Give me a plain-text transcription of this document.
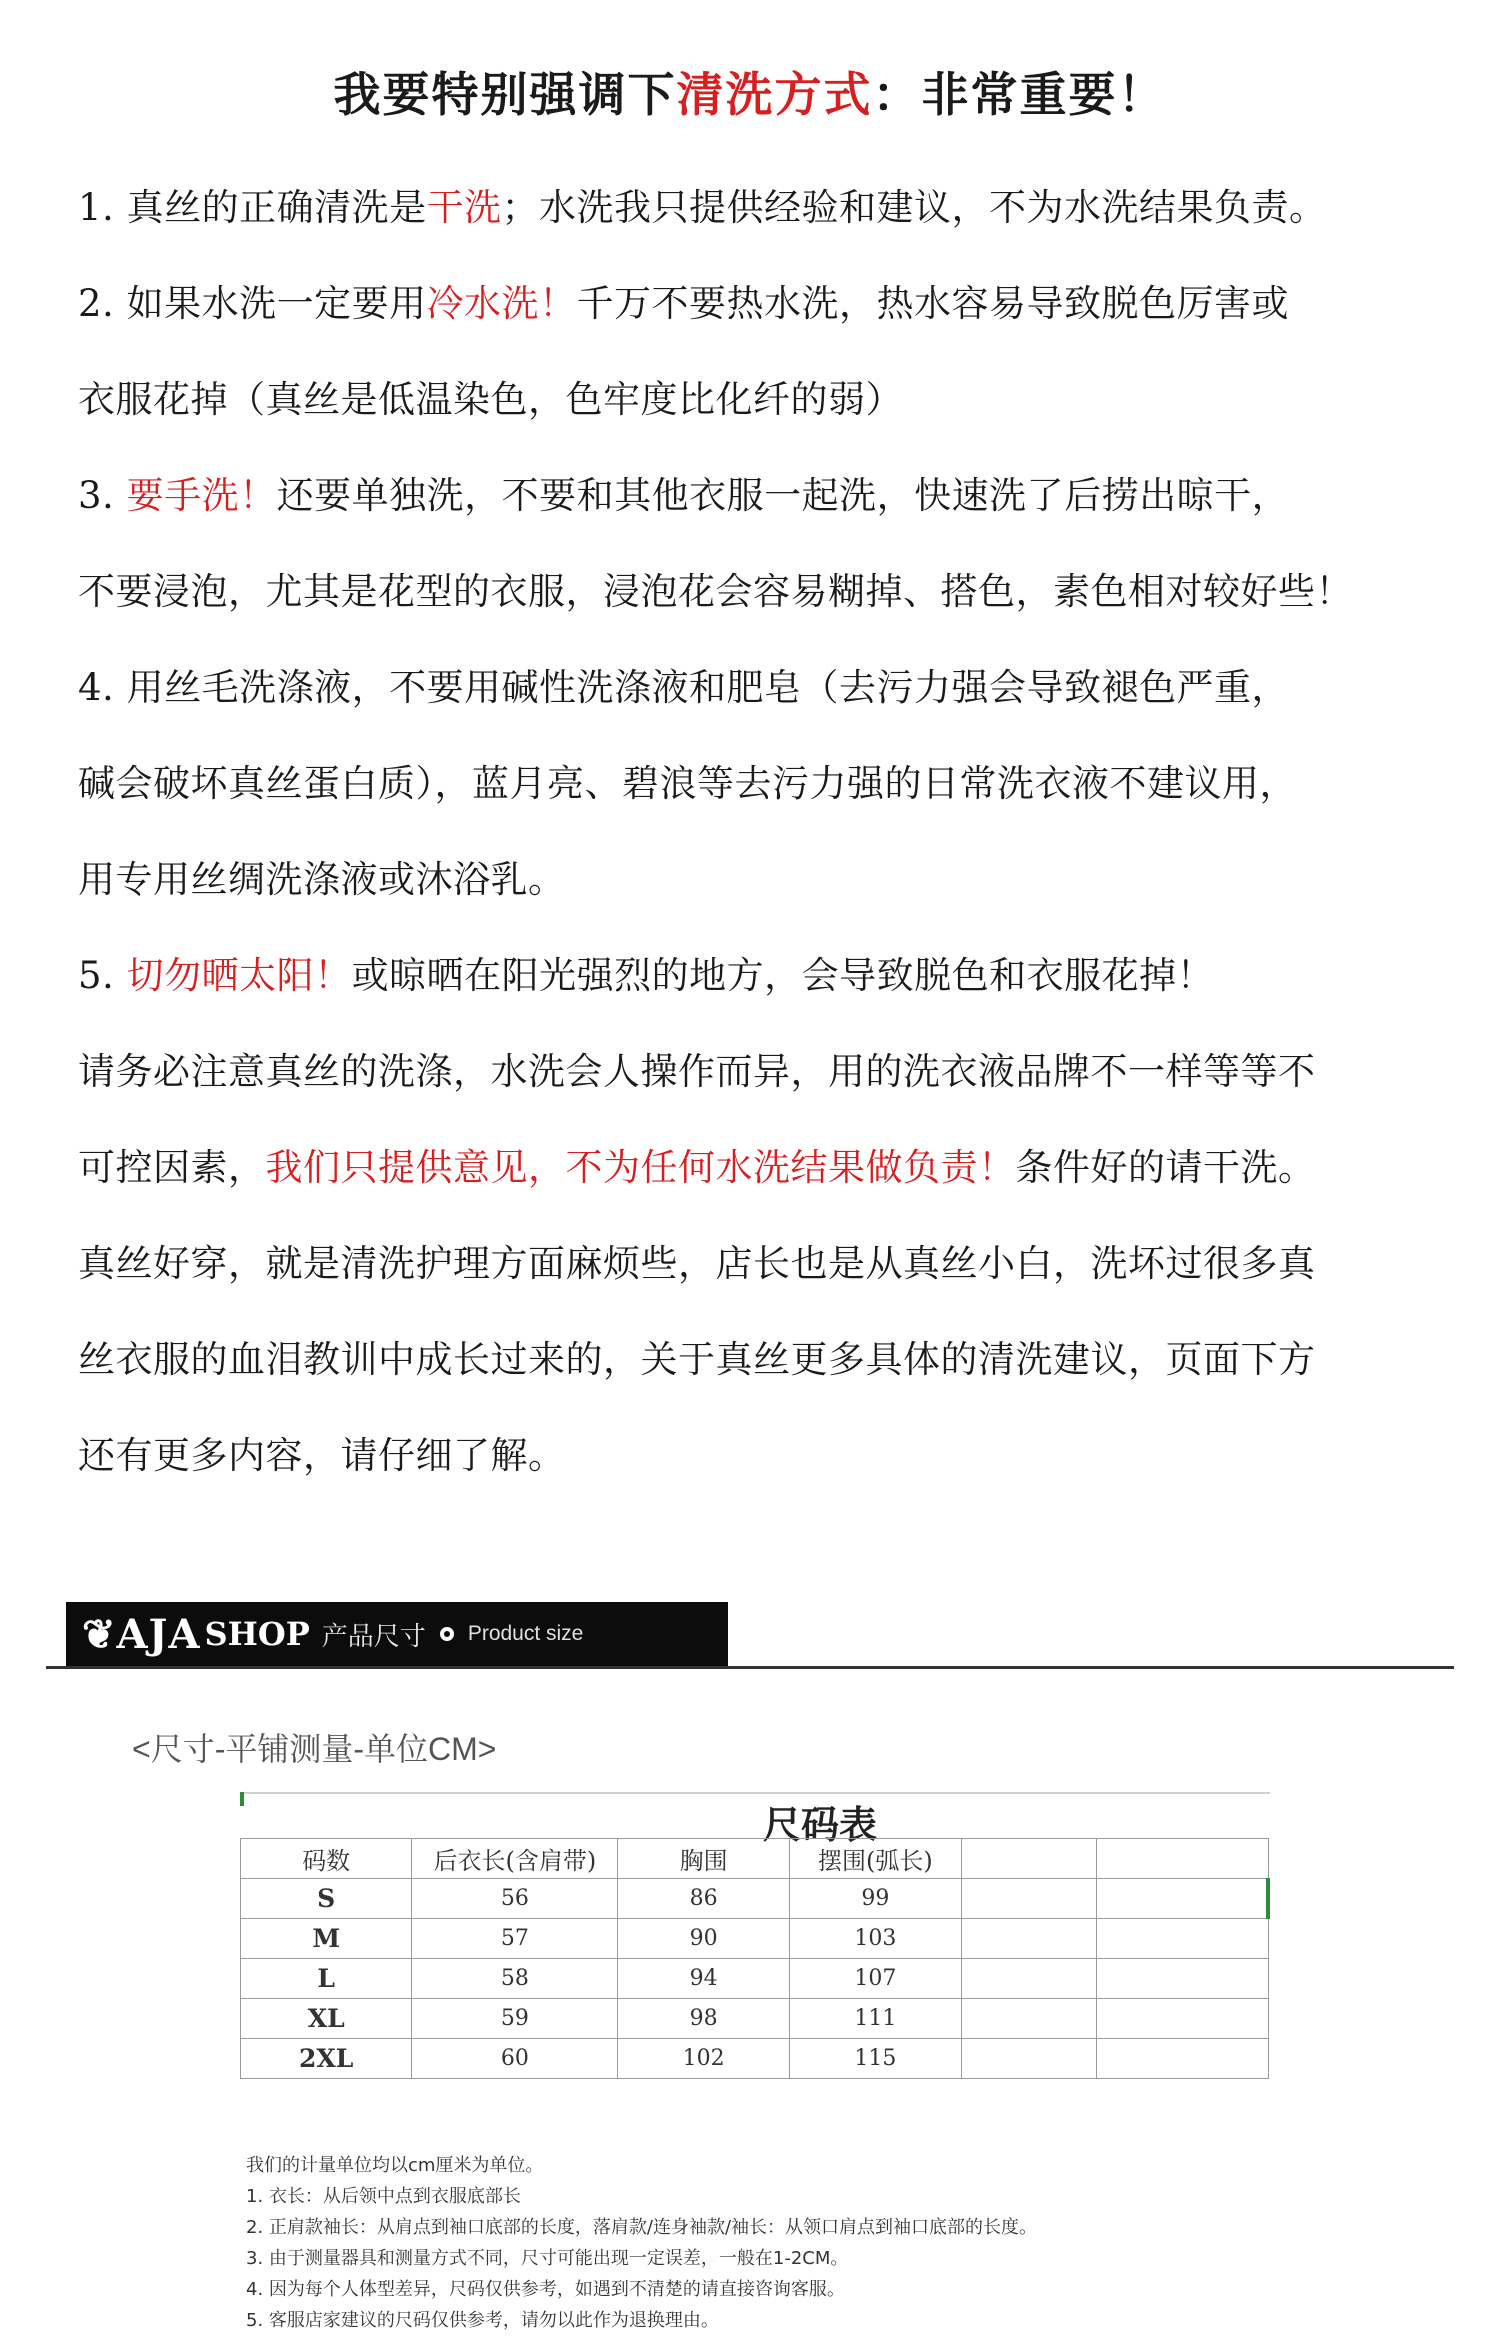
我要特别强调下清洗方式：非常重要！
1. 真丝的正确清洗是干洗；水洗我只提供经验和建议，不为水洗结果负责。
2. 如果水洗一定要用冷水洗！千万不要热水洗，热水容易导致脱色厉害或
衣服花掉（真丝是低温染色，色牢度比化纤的弱）
3. 要手洗！还要单独洗，不要和其他衣服一起洗，快速洗了后捞出晾干，
不要浸泡，尤其是花型的衣服，浸泡花会容易糊掉、搭色，素色相对较好些！
4. 用丝毛洗涤液，不要用碱性洗涤液和肥皂（去污力强会导致褪色严重，
碱会破坏真丝蛋白质），蓝月亮、碧浪等去污力强的日常洗衣液不建议用，
用专用丝绸洗涤液或沐浴乳。
5. 切勿晒太阳！或晾晒在阳光强烈的地方，会导致脱色和衣服花掉！
请务必注意真丝的洗涤，水洗会人操作而异，用的洗衣液品牌不一样等等不
可控因素，我们只提供意见，不为任何水洗结果做负责！条件好的请干洗。
真丝好穿，就是清洗护理方面麻烦些，店长也是从真丝小白，洗坏过很多真
丝衣服的血泪教训中成长过来的，关于真丝更多具体的清洗建议，页面下方
还有更多内容，请仔细了解。
❦AJA SHOP 产品尺寸 Product size
<尺寸-平铺测量-单位CM>
尺码表
码数	后衣长(含肩带)	胸围	摆围(弧长)		
S	56	86	99		
M	57	90	103		
L	58	94	107		
XL	59	98	111		
2XL	60	102	115		
我们的计量单位均以cm厘米为单位。
1. 衣长：从后领中点到衣服底部长
2. 正肩款袖长：从肩点到袖口底部的长度，落肩款/连身袖款/袖长：从领口肩点到袖口底部的长度。
3. 由于测量器具和测量方式不同，尺寸可能出现一定误差，一般在1-2CM。
4. 因为每个人体型差异，尺码仅供参考，如遇到不清楚的请直接咨询客服。
5. 客服店家建议的尺码仅供参考，请勿以此作为退换理由。
